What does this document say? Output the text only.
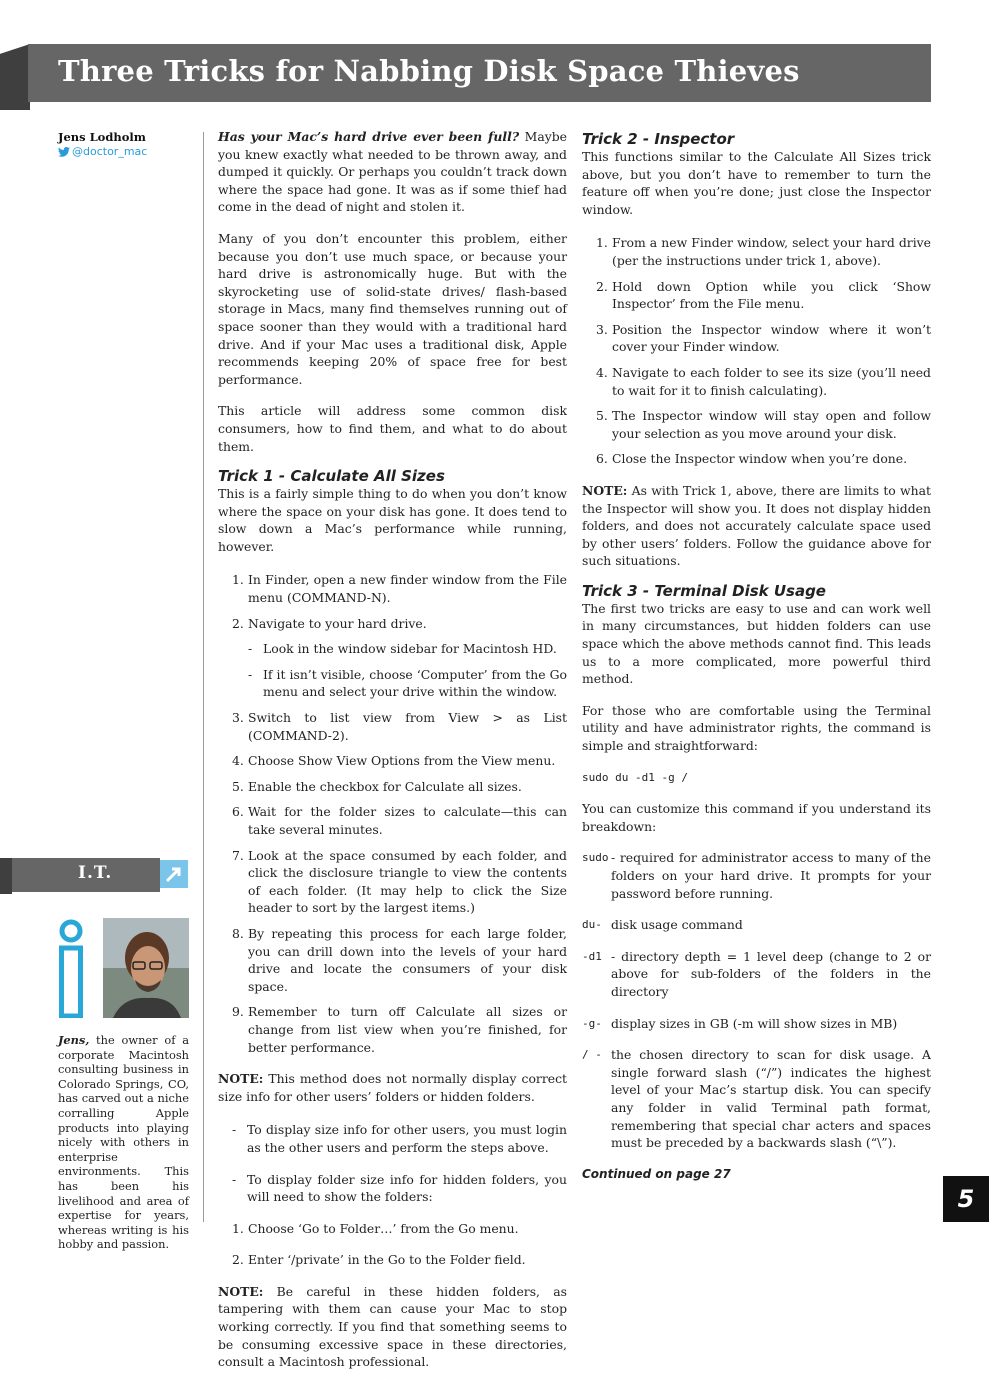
Three Tricks for Nabbing Disk Space Thieves
Jens Lodholm
@doctor_mac

Has your Mac’s hard drive ever been full? Maybe you knew exactly what needed to be thrown away, and dumped it quickly. Or perhaps you couldn’t track down where the space had gone. It was as if some thief had come in the dead of night and stolen it.

Many of you don’t encounter this problem, either because you don’t use much space, or because your hard drive is astronomically huge. But with the skyrocketing use of solid-state drives/ flash-based storage in Macs, many find themselves running out of space sooner than they would with a traditional hard drive. And if your Mac uses a traditional disk, Apple recommends keeping 20% of space free for best performance.

This article will address some common disk consumers, how to find them, and what to do about them.

Trick 1 - Calculate All Sizes

This is a fairly simple thing to do when you don’t know where the space on your disk has gone. It does tend to slow down a Mac’s performance while running, however.

1. In Finder, open a new finder window from the File menu (COMMAND-N).
2. Navigate to your hard drive.
- Look in the window sidebar for Macintosh HD.
- If it isn’t visible, choose ‘Computer’ from the Go menu and select your drive within the window.
3. Switch to list view from View > as List (COMMAND-2).
4. Choose Show View Options from the View menu.
5. Enable the checkbox for Calculate all sizes.
6. Wait for the folder sizes to calculate—this can take several minutes.
7. Look at the space consumed by each folder, and click the disclosure triangle to view the contents of each folder. (It may help to click the Size header to sort by the largest items.)
8. By repeating this process for each large folder, you can drill down into the levels of your hard drive and locate the consumers of your disk space.
9. Remember to turn off Calculate all sizes or change from list view when you’re finished, for better performance.

NOTE: This method does not normally display correct size info for other users’ folders or hidden folders.

- To display size info for other users, you must login as the other users and perform the steps above.
- To display folder size info for hidden folders, you will need to show the folders:
1. Choose ‘Go to Folder…’ from the Go menu.
2. Enter ‘/private’ in the Go to the Folder field.

NOTE: Be careful in these hidden folders, as tampering with them can cause your Mac to stop working correctly. If you find that something seems to be consuming excessive space in these directories, consult a Macintosh professional.

Trick 2 - Inspector

This functions similar to the Calculate All Sizes trick above, but you don’t have to remember to turn the feature off when you’re done; just close the Inspector window.

1. From a new Finder window, select your hard drive (per the instructions under trick 1, above).
2. Hold down Option while you click ‘Show Inspector’ from the File menu.
3. Position the Inspector window where it won’t cover your Finder window.
4. Navigate to each folder to see its size (you’ll need to wait for it to finish calculating).
5. The Inspector window will stay open and follow your selection as you move around your disk.
6. Close the Inspector window when you’re done.

NOTE: As with Trick 1, above, there are limits to what the Inspector will show you. It does not display hidden folders, and does not accurately calculate space used by other users’ folders. Follow the guidance above for such situations.

Trick 3 - Terminal Disk Usage

The first two tricks are easy to use and can work well in many circumstances, but hidden folders can use space which the above methods cannot find. This leads us to a more complicated, more powerful third method.

For those who are comfortable using the Terminal utility and have administrator rights, the command is simple and straightforward:

sudo du -d1 -g /

You can customize this command if you understand its breakdown:

sudo - required for administrator access to many of the folders on your hard drive. It prompts for your password before running.
du- disk usage command
-d1 - directory depth = 1 level deep (change to 2 or above for sub-folders of the folders in the directory
-g- display sizes in GB (-m will show sizes in MB)
/ - the chosen directory to scan for disk usage. A single forward slash (“/”) indicates the highest level of your Mac’s startup disk. You can specify any folder in valid Terminal path format, remembering that special char acters and spaces must be preceded by a backwards slash (“\”).

Continued on page 27

I.T.
Jens, the owner of a corporate Macintosh consulting business in Colorado Springs, CO, has carved out a niche corralling Apple products into playing nicely with others in enterprise environments. This has been his livelihood and area of expertise for years, whereas writing is his hobby and passion.
5
